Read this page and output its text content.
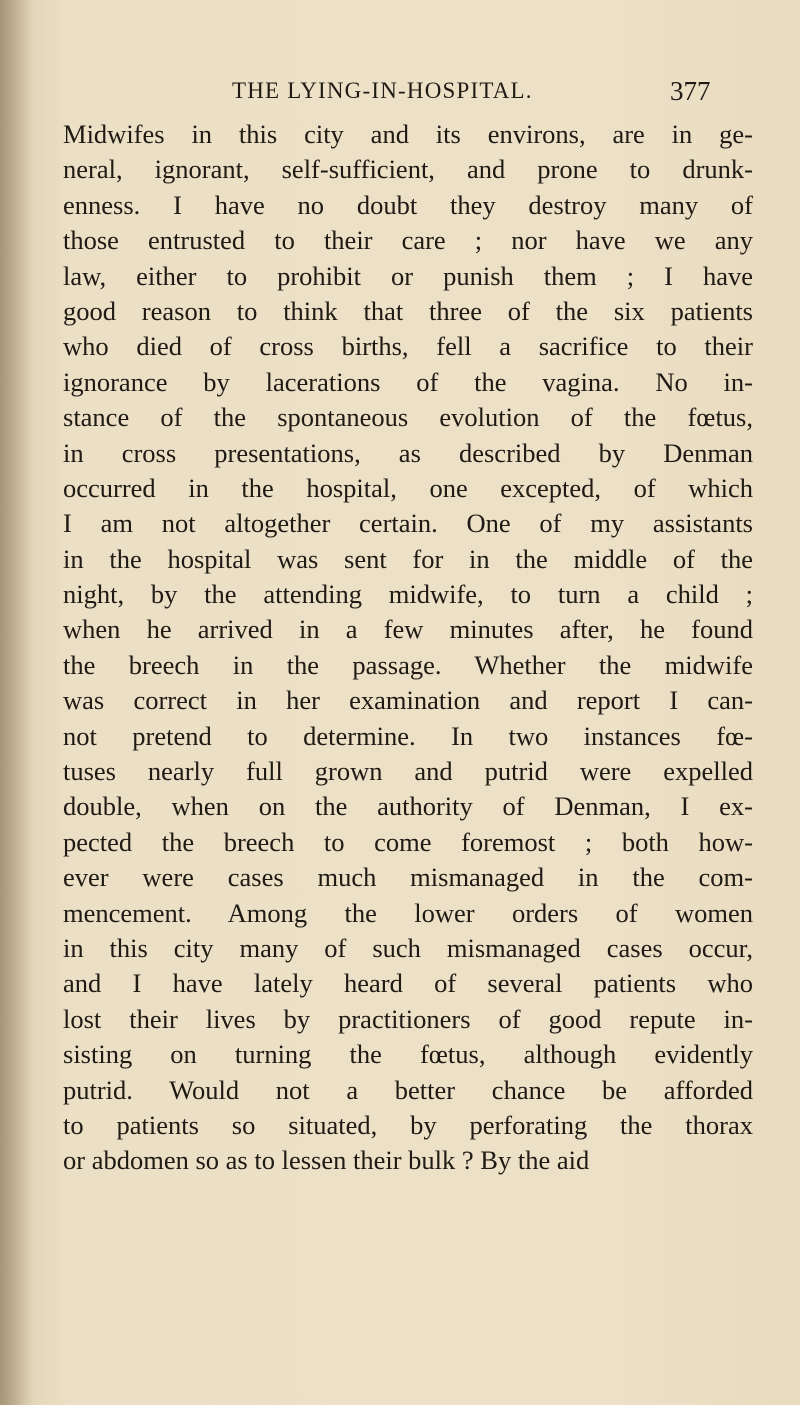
THE LYING-IN-HOSPITAL.	377
Midwifes in this city and its environs, are in ge-
neral, ignorant, self-sufficient, and prone to drunk-
enness. I have no doubt they destroy many of
those entrusted to their care ; nor have we any
law, either to prohibit or punish them ; I have
good reason to think that three of the six patients
who died of cross births, fell a sacrifice to their
ignorance by lacerations of the vagina. No in-
stance of the spontaneous evolution of the fœtus,
in cross presentations, as described by Denman
occurred in the hospital, one excepted, of which
I am not altogether certain. One of my assistants
in the hospital was sent for in the middle of the
night, by the attending midwife, to turn a child ;
when he arrived in a few minutes after, he found
the breech in the passage. Whether the midwife
was correct in her examination and report I can-
not pretend to determine. In two instances fœ-
tuses nearly full grown and putrid were expelled
double, when on the authority of Denman, I ex-
pected the breech to come foremost ; both how-
ever were cases much mismanaged in the com-
mencement. Among the lower orders of women
in this city many of such mismanaged cases occur,
and I have lately heard of several patients who
lost their lives by practitioners of good repute in-
sisting on turning the fœtus, although evidently
putrid. Would not a better chance be afforded
to patients so situated, by perforating the thorax
or abdomen so as to lessen their bulk ? By the aid
